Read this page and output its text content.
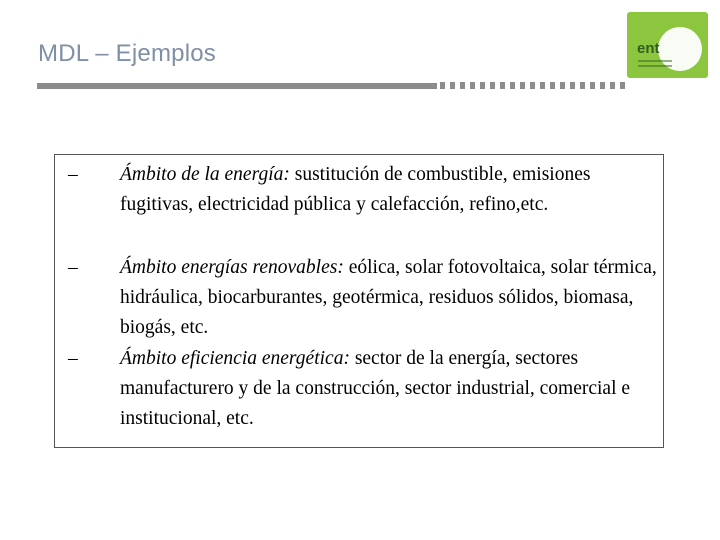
MDL – Ejemplos	ent
–	Ámbito de la energía: sustitución de combustible, emisiones fugitivas, electricidad pública y calefacción, refino,etc.
–	Ámbito energías renovables: eólica, solar fotovoltaica, solar térmica, hidráulica, biocarburantes, geotérmica, residuos sólidos, biomasa, biogás, etc.
–	Ámbito eficiencia energética: sector de la energía, sectores manufacturero y de la construcción, sector industrial, comercial e institucional, etc.
